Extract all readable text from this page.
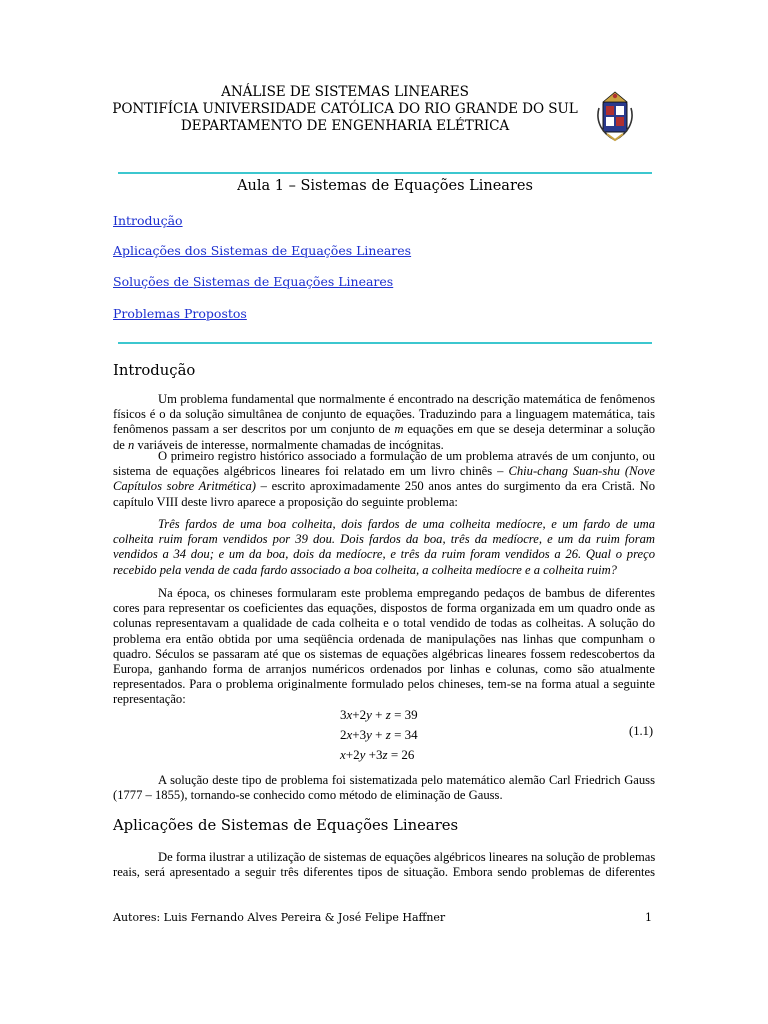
ANÁLISE DE SISTEMAS LINEARES
PONTIFÍCIA UNIVERSIDADE CATÓLICA DO RIO GRANDE DO SUL
DEPARTAMENTO DE ENGENHARIA ELÉTRICA
Aula 1 – Sistemas de Equações Lineares
Introdução
Aplicações dos Sistemas de Equações Lineares
Soluções de Sistemas de Equações Lineares
Problemas Propostos
Introdução
Um problema fundamental que normalmente é encontrado na descrição matemática de fenômenos
físicos é o da solução simultânea de conjunto de equações. Traduzindo para a linguagem matemática, tais
fenômenos passam a ser descritos por um conjunto de m equações em que se deseja determinar a solução
de n variáveis de interesse, normalmente chamadas de incógnitas.
O primeiro registro histórico associado a formulação de um problema através de um conjunto, ou
sistema de equações algébricos lineares foi relatado em um livro chinês – Chiu-chang Suan-shu (Nove
Capítulos sobre Aritmética) – escrito aproximadamente 250 anos antes do surgimento da era Cristã. No
capítulo VIII deste livro aparece a proposição do seguinte problema:
Três fardos de uma boa colheita, dois fardos de uma colheita medíocre, e um fardo de uma
colheita ruim foram vendidos por 39 dou. Dois fardos da boa, três da medíocre, e um da ruim foram
vendidos a 34 dou; e um da boa, dois da medíocre, e três da ruim foram vendidos a 26. Qual o preço
recebido pela venda de cada fardo associado a boa colheita, a colheita medíocre e a colheita ruim?
Na época, os chineses formularam este problema empregando pedaços de bambus de diferentes
cores para representar os coeficientes das equações, dispostos de forma organizada em um quadro onde as
colunas representavam a qualidade de cada colheita e o total vendido de todas as colheitas. A solução do
problema era então obtida por uma seqüência ordenada de manipulações nas linhas que compunham o
quadro. Séculos se passaram até que os sistemas de equações algébricas lineares fossem redescobertos da
Europa, ganhando forma de arranjos numéricos ordenados por linhas e colunas, como são atualmente
representados. Para o problema originalmente formulado pelos chineses, tem-se na forma atual a seguinte
representação:
3x+2y + z = 39
2x+3y + z = 34
x+2y +3z = 26
(1.1)
A solução deste tipo de problema foi sistematizada pelo matemático alemão Carl Friedrich Gauss
(1777 – 1855), tornando-se conhecido como método de eliminação de Gauss.
Aplicações de Sistemas de Equações Lineares
De forma ilustrar a utilização de sistemas de equações algébricos lineares na solução de problemas
reais, será apresentado a seguir três diferentes tipos de situação. Embora sendo problemas de diferentes
Autores: Luis Fernando Alves Pereira & José Felipe Haffner	1
